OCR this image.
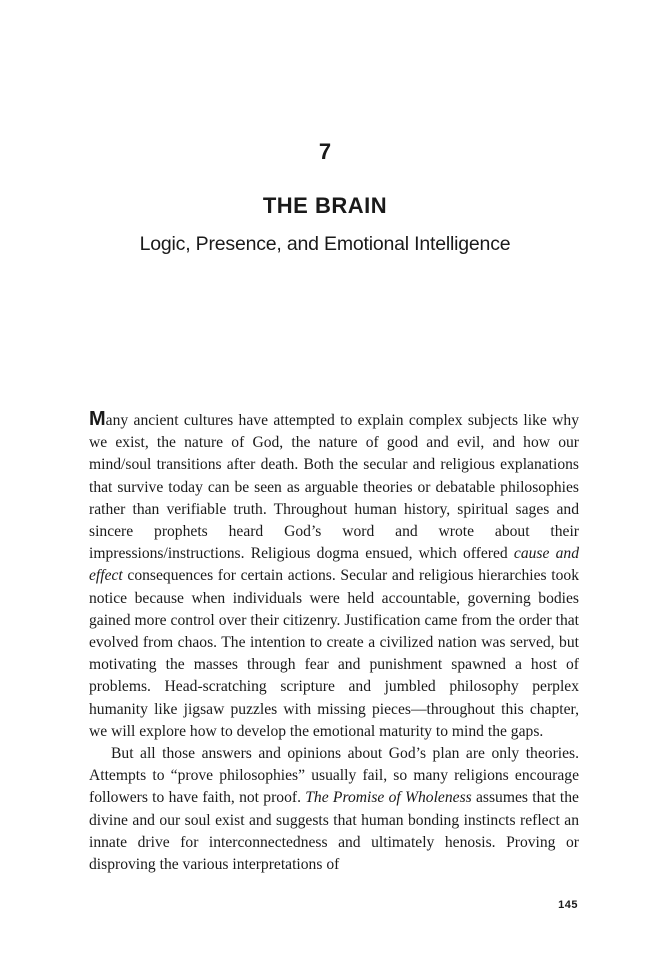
7
THE BRAIN
Logic, Presence, and Emotional Intelligence

Many ancient cultures have attempted to explain complex subjects like why we exist, the nature of God, the nature of good and evil, and how our mind/soul transitions after death. Both the secular and religious explanations that survive today can be seen as arguable theories or debatable philosophies rather than verifiable truth. Throughout human history, spiritual sages and sincere prophets heard God’s word and wrote about their impressions/instructions. Religious dogma ensued, which offered cause and effect consequences for certain actions. Secular and religious hierarchies took notice because when individuals were held accountable, governing bodies gained more control over their citizenry. Justification came from the order that evolved from chaos. The intention to create a civilized nation was served, but motivating the masses through fear and punishment spawned a host of problems. Head-scratching scripture and jumbled philosophy perplex humanity like jigsaw puzzles with missing pieces—throughout this chapter, we will explore how to develop the emotional maturity to mind the gaps.

But all those answers and opinions about God’s plan are only theories. Attempts to “prove philosophies” usually fail, so many religions encourage followers to have faith, not proof. The Promise of Wholeness assumes that the divine and our soul exist and suggests that human bonding instincts reflect an innate drive for interconnectedness and ultimately henosis. Proving or disproving the various interpretations of

145
